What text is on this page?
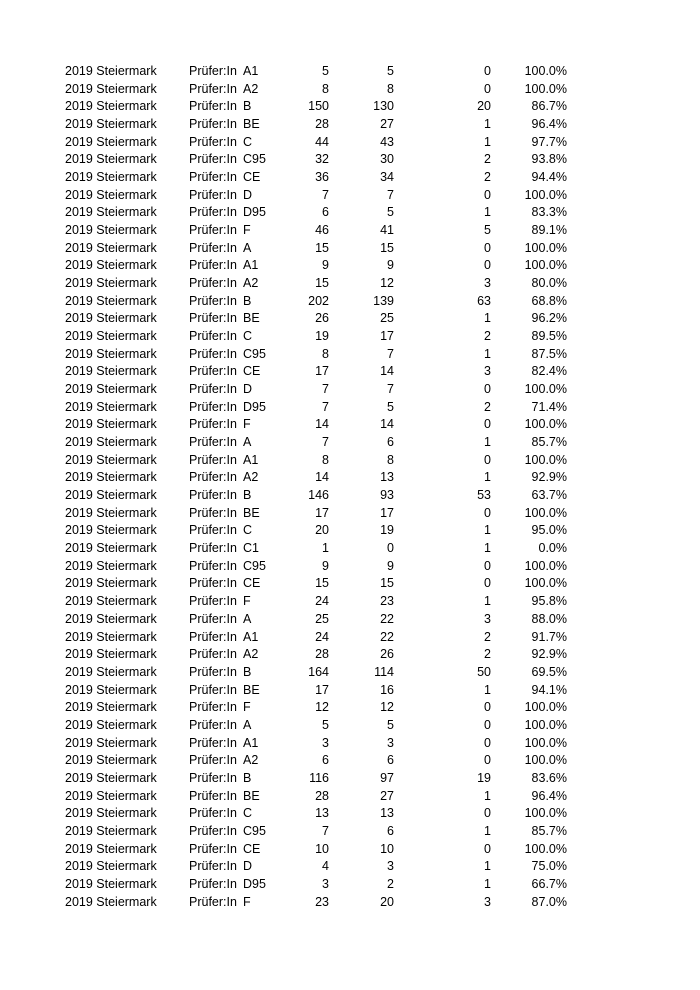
2019 Steiermark	Prüfer:In A1	5	5	0	100.0%
2019 Steiermark	Prüfer:In A2	8	8	0	100.0%
2019 Steiermark	Prüfer:In B	150	130	20	86.7%
2019 Steiermark	Prüfer:In BE	28	27	1	96.4%
2019 Steiermark	Prüfer:In C	44	43	1	97.7%
2019 Steiermark	Prüfer:In C95	32	30	2	93.8%
2019 Steiermark	Prüfer:In CE	36	34	2	94.4%
2019 Steiermark	Prüfer:In D	7	7	0	100.0%
2019 Steiermark	Prüfer:In D95	6	5	1	83.3%
2019 Steiermark	Prüfer:In F	46	41	5	89.1%
2019 Steiermark	Prüfer:In A	15	15	0	100.0%
2019 Steiermark	Prüfer:In A1	9	9	0	100.0%
2019 Steiermark	Prüfer:In A2	15	12	3	80.0%
2019 Steiermark	Prüfer:In B	202	139	63	68.8%
2019 Steiermark	Prüfer:In BE	26	25	1	96.2%
2019 Steiermark	Prüfer:In C	19	17	2	89.5%
2019 Steiermark	Prüfer:In C95	8	7	1	87.5%
2019 Steiermark	Prüfer:In CE	17	14	3	82.4%
2019 Steiermark	Prüfer:In D	7	7	0	100.0%
2019 Steiermark	Prüfer:In D95	7	5	2	71.4%
2019 Steiermark	Prüfer:In F	14	14	0	100.0%
2019 Steiermark	Prüfer:In A	7	6	1	85.7%
2019 Steiermark	Prüfer:In A1	8	8	0	100.0%
2019 Steiermark	Prüfer:In A2	14	13	1	92.9%
2019 Steiermark	Prüfer:In B	146	93	53	63.7%
2019 Steiermark	Prüfer:In BE	17	17	0	100.0%
2019 Steiermark	Prüfer:In C	20	19	1	95.0%
2019 Steiermark	Prüfer:In C1	1	0	1	0.0%
2019 Steiermark	Prüfer:In C95	9	9	0	100.0%
2019 Steiermark	Prüfer:In CE	15	15	0	100.0%
2019 Steiermark	Prüfer:In F	24	23	1	95.8%
2019 Steiermark	Prüfer:In A	25	22	3	88.0%
2019 Steiermark	Prüfer:In A1	24	22	2	91.7%
2019 Steiermark	Prüfer:In A2	28	26	2	92.9%
2019 Steiermark	Prüfer:In B	164	114	50	69.5%
2019 Steiermark	Prüfer:In BE	17	16	1	94.1%
2019 Steiermark	Prüfer:In F	12	12	0	100.0%
2019 Steiermark	Prüfer:In A	5	5	0	100.0%
2019 Steiermark	Prüfer:In A1	3	3	0	100.0%
2019 Steiermark	Prüfer:In A2	6	6	0	100.0%
2019 Steiermark	Prüfer:In B	116	97	19	83.6%
2019 Steiermark	Prüfer:In BE	28	27	1	96.4%
2019 Steiermark	Prüfer:In C	13	13	0	100.0%
2019 Steiermark	Prüfer:In C95	7	6	1	85.7%
2019 Steiermark	Prüfer:In CE	10	10	0	100.0%
2019 Steiermark	Prüfer:In D	4	3	1	75.0%
2019 Steiermark	Prüfer:In D95	3	2	1	66.7%
2019 Steiermark	Prüfer:In F	23	20	3	87.0%
